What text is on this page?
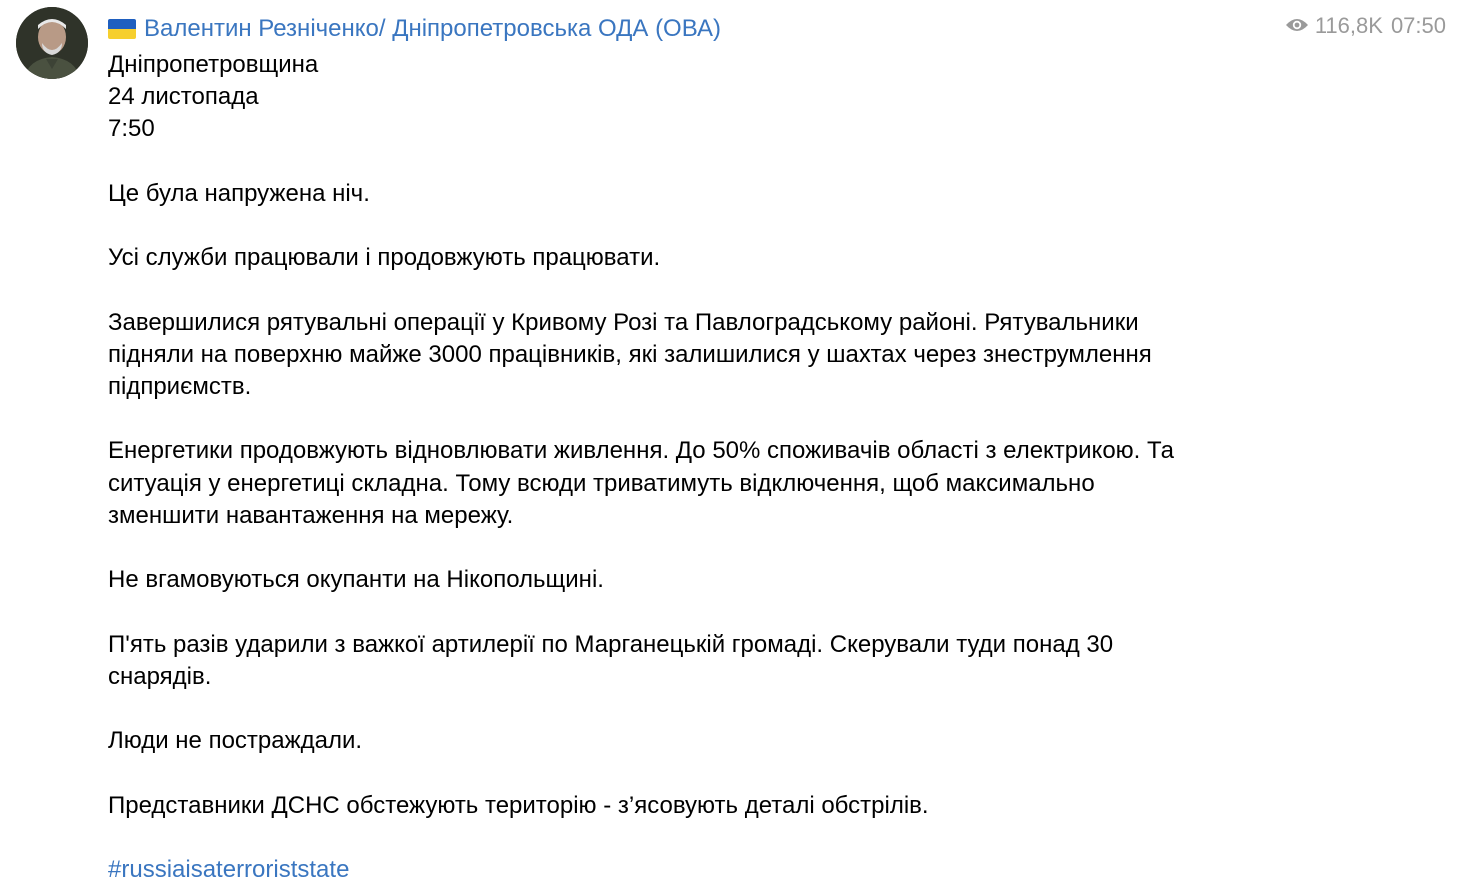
Валентин Резніченко/ Дніпропетровська ОДА (ОВА)	116,8K 07:50
Дніпропетровщина
24 листопада
7:50
Це була напружена ніч.
Усі служби працювали і продовжують працювати.
Завершилися рятувальні операції у Кривому Розі та Павлоградському районі. Рятувальники
підняли на поверхню майже 3000 працівників, які залишилися у шахтах через знеструмлення
підприємств.
Енергетики продовжують відновлювати живлення. До 50% споживачів області з електрикою. Та
ситуація у енергетиці складна. Тому всюди триватимуть відключення, щоб максимально
зменшити навантаження на мережу.
Не вгамовуються окупанти на Нікопольщині.
П'ять разів ударили з важкої артилерії по Марганецькій громаді. Скерували туди понад 30
снарядів.
Люди не постраждали.
Представники ДСНС обстежують територію - з’ясовують деталі обстрілів.
#russiaisaterroriststate
